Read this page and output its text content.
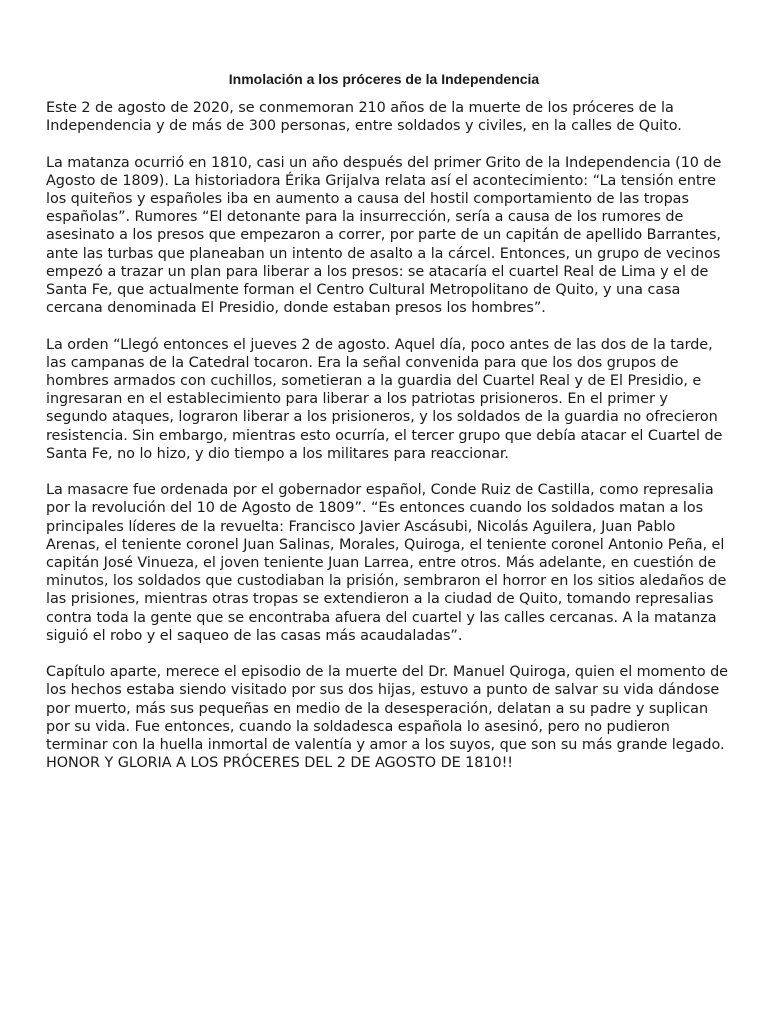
Inmolación a los próceres de la Independencia

Este 2 de agosto de 2020, se conmemoran 210 años de la muerte de los próceres de la Independencia y de más de 300 personas, entre soldados y civiles, en la calles de Quito.

La matanza ocurrió en 1810, casi un año después del primer Grito de la Independencia (10 de Agosto de 1809). La historiadora Érika Grijalva relata así el acontecimiento: “La tensión entre los quiteños y españoles iba en aumento a causa del hostil comportamiento de las tropas españolas”. Rumores “El detonante para la insurrección, sería a causa de los rumores de asesinato a los presos que empezaron a correr, por parte de un capitán de apellido Barrantes, ante las turbas que planeaban un intento de asalto a la cárcel. Entonces, un grupo de vecinos empezó a trazar un plan para liberar a los presos: se atacaría el cuartel Real de Lima y el de Santa Fe, que actualmente forman el Centro Cultural Metropolitano de Quito, y una casa cercana denominada El Presidio, donde estaban presos los hombres”.

La orden “Llegó entonces el jueves 2 de agosto. Aquel día, poco antes de las dos de la tarde, las campanas de la Catedral tocaron. Era la señal convenida para que los dos grupos de hombres armados con cuchillos, sometieran a la guardia del Cuartel Real y de El Presidio, e ingresaran en el establecimiento para liberar a los patriotas prisioneros. En el primer y segundo ataques, lograron liberar a los prisioneros, y los soldados de la guardia no ofrecieron resistencia. Sin embargo, mientras esto ocurría, el tercer grupo que debía atacar el Cuartel de Santa Fe, no lo hizo, y dio tiempo a los militares para reaccionar.

La masacre fue ordenada por el gobernador español, Conde Ruiz de Castilla, como represalia por la revolución del 10 de Agosto de 1809”. “Es entonces cuando los soldados matan a los principales líderes de la revuelta: Francisco Javier Ascásubi, Nicolás Aguilera, Juan Pablo Arenas, el teniente coronel Juan Salinas, Morales, Quiroga, el teniente coronel Antonio Peña, el capitán José Vinueza, el joven teniente Juan Larrea, entre otros. Más adelante, en cuestión de minutos, los soldados que custodiaban la prisión, sembraron el horror en los sitios aledaños de las prisiones, mientras otras tropas se extendieron a la ciudad de Quito, tomando represalias contra toda la gente que se encontraba afuera del cuartel y las calles cercanas. A la matanza siguió el robo y el saqueo de las casas más acaudaladas”.

Capítulo aparte, merece el episodio de la muerte del Dr. Manuel Quiroga, quien el momento de los hechos estaba siendo visitado por sus dos hijas, estuvo a punto de salvar su vida dándose por muerto, más sus pequeñas en medio de la desesperación, delatan a su padre y suplican por su vida. Fue entonces, cuando la soldadesca española lo asesinó, pero no pudieron terminar con la huella inmortal de valentía y amor a los suyos, que son su más grande legado. HONOR Y GLORIA A LOS PRÓCERES DEL 2 DE AGOSTO DE 1810!!
